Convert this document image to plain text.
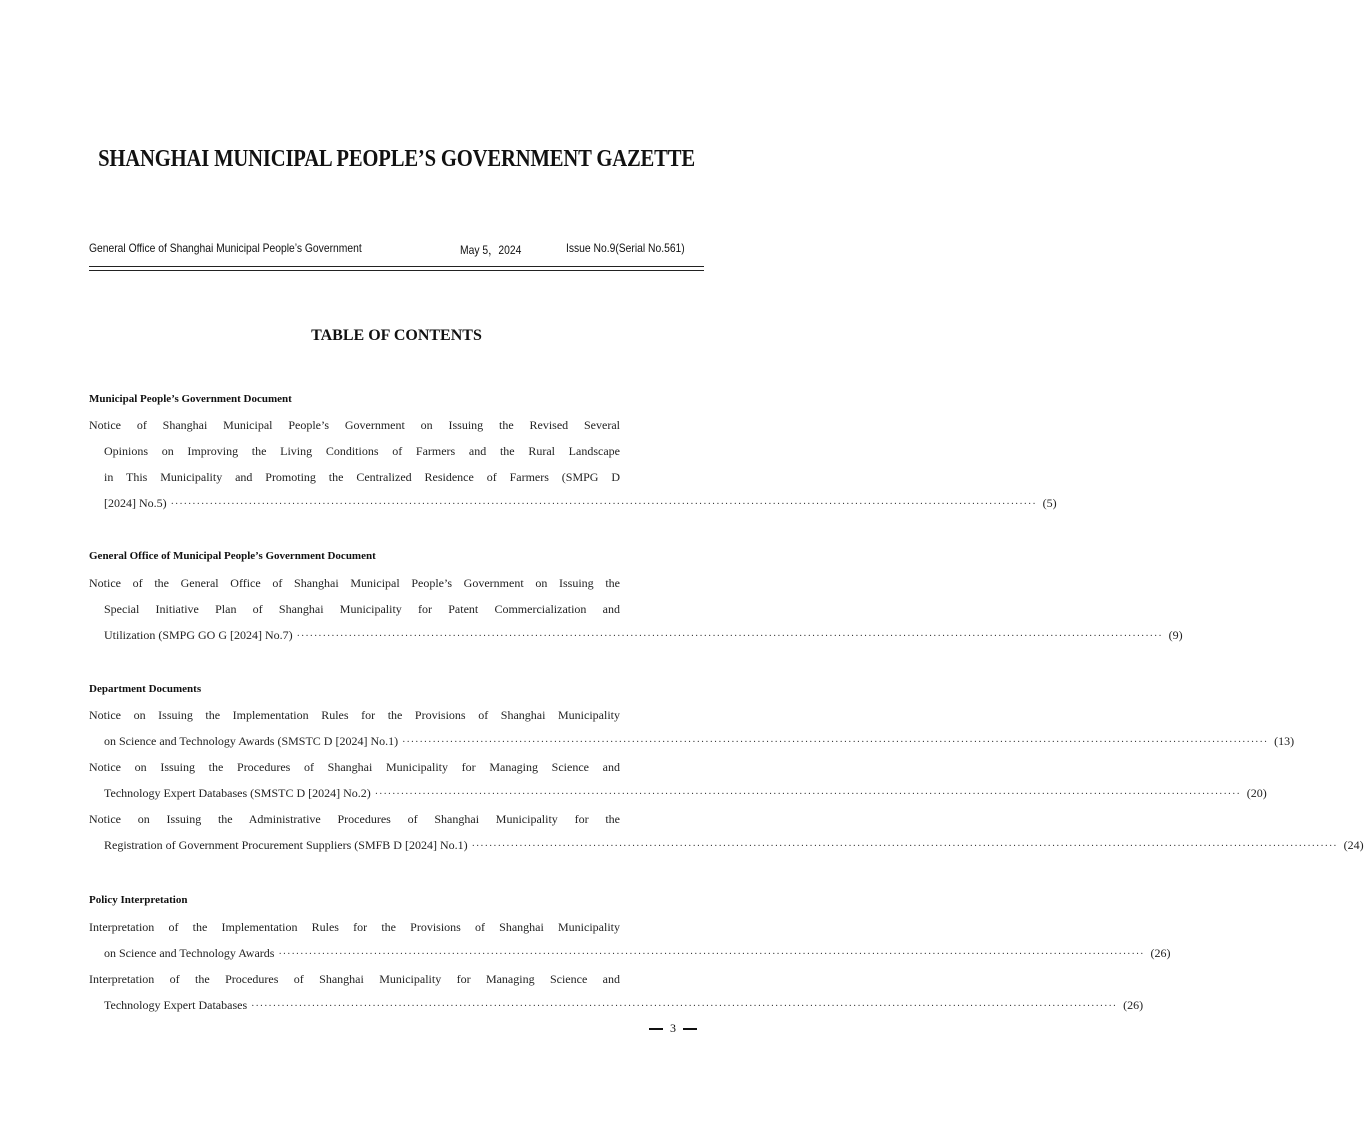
SHANGHAI MUNICIPAL PEOPLE’S GOVERNMENT GAZETTE
General Office of Shanghai Municipal People’s Government	May 5，2024	Issue No.9(Serial No.561)
TABLE OF CONTENTS
Municipal People’s Government Document
Notice of Shanghai Municipal People’s Government on Issuing the Revised Several
Opinions on Improving the Living Conditions of Farmers and the Rural Landscape
in This Municipality and Promoting the Centralized Residence of Farmers (SMPG D
[2024] No.5) ········································································································································································································ (5)
General Office of Municipal People’s Government Document
Notice of the General Office of Shanghai Municipal People’s Government on Issuing the
Special Initiative Plan of Shanghai Municipality for Patent Commercialization and
Utilization (SMPG GO G [2024] No.7) ········································································································································································································ (9)
Department Documents
Notice on Issuing the Implementation Rules for the Provisions of Shanghai Municipality
on Science and Technology Awards (SMSTC D [2024] No.1) ········································································································································································································ (13)
Notice on Issuing the Procedures of Shanghai Municipality for Managing Science and
Technology Expert Databases (SMSTC D [2024] No.2) ········································································································································································································ (20)
Notice on Issuing the Administrative Procedures of Shanghai Municipality for the
Registration of Government Procurement Suppliers (SMFB D [2024] No.1) ········································································································································································································ (24)
Policy Interpretation
Interpretation of the Implementation Rules for the Provisions of Shanghai Municipality
on Science and Technology Awards ········································································································································································································ (26)
Interpretation of the Procedures of Shanghai Municipality for Managing Science and
Technology Expert Databases ········································································································································································································ (26)
3
